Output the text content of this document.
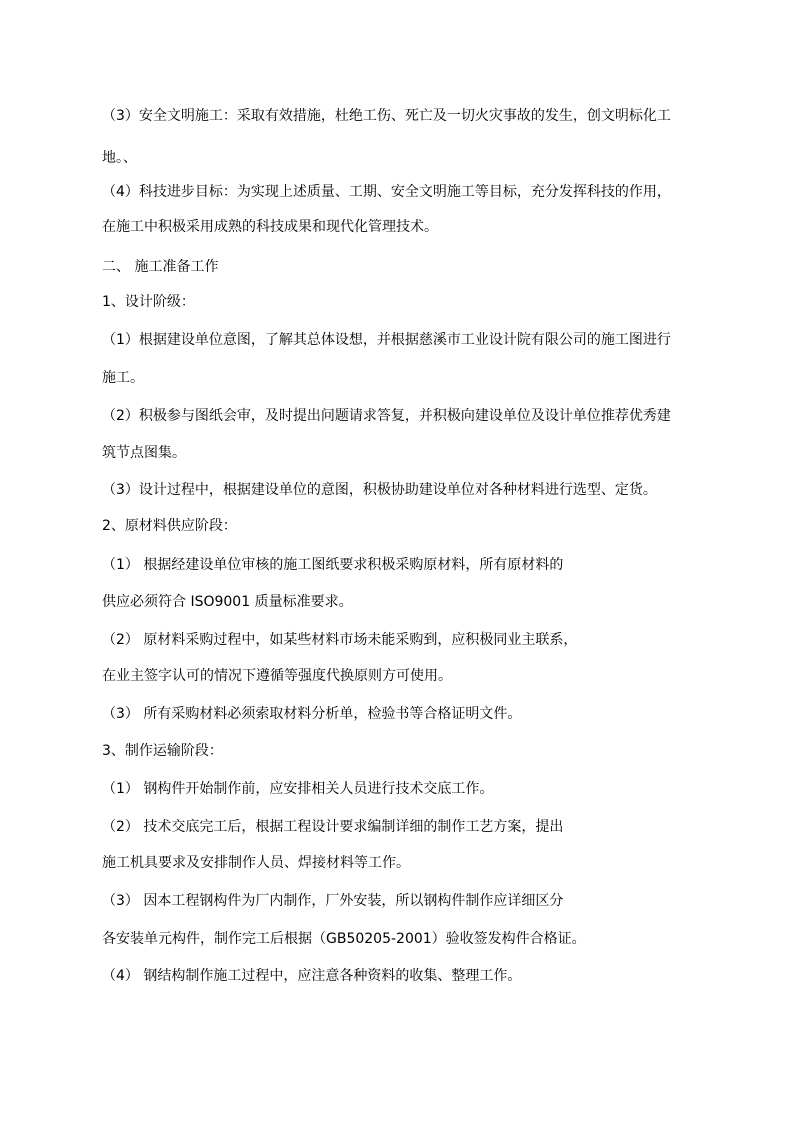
（3）安全文明施工：采取有效措施，杜绝工伤、死亡及一切火灾事故的发生，创文明标化工
地。、
（4）科技进步目标：为实现上述质量、工期、安全文明施工等目标，充分发挥科技的作用，
在施工中积极采用成熟的科技成果和现代化管理技术。
二、 施工准备工作
1、设计阶级：
（1）根据建设单位意图，了解其总体设想，并根据慈溪市工业设计院有限公司的施工图进行
施工。
（2）积极参与图纸会审，及时提出问题请求答复，并积极向建设单位及设计单位推荐优秀建
筑节点图集。
（3）设计过程中，根据建设单位的意图，积极协助建设单位对各种材料进行选型、定货。
2、原材料供应阶段：
（1） 根据经建设单位审核的施工图纸要求积极采购原材料，所有原材料的
供应必须符合 ISO9001 质量标准要求。
（2） 原材料采购过程中，如某些材料市场未能采购到，应积极同业主联系，
在业主签字认可的情况下遵循等强度代换原则方可使用。
（3） 所有采购材料必须索取材料分析单，检验书等合格证明文件。
3、制作运输阶段：
（1） 钢构件开始制作前，应安排相关人员进行技术交底工作。
（2） 技术交底完工后，根据工程设计要求编制详细的制作工艺方案，提出
施工机具要求及安排制作人员、焊接材料等工作。
（3） 因本工程钢构件为厂内制作，厂外安装，所以钢构件制作应详细区分
各安装单元构件，制作完工后根据（GB50205-2001）验收签发构件合格证。
（4） 钢结构制作施工过程中，应注意各种资料的收集、整理工作。
